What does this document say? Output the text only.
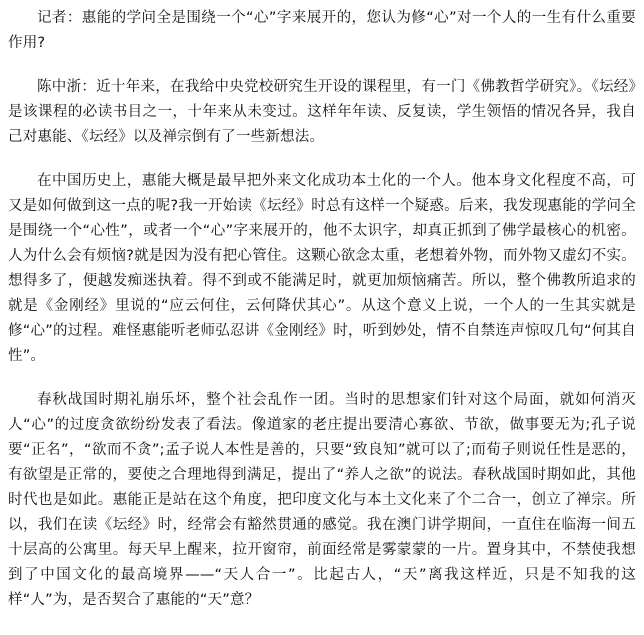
记者：惠能的学问全是围绕一个“心”字来展开的，您认为修“心”对一个人的一生有什么重要作用?

陈中浙：近十年来，在我给中央党校研究生开设的课程里，有一门《佛教哲学研究》。《坛经》是该课程的必读书目之一，十年来从未变过。这样年年读、反复读，学生领悟的情况各异，我自己对惠能、《坛经》以及禅宗倒有了一些新想法。

在中国历史上，惠能大概是最早把外来文化成功本土化的一个人。他本身文化程度不高，可又是如何做到这一点的呢?我一开始读《坛经》时总有这样一个疑惑。后来，我发现惠能的学问全是围绕一个“心性”，或者一个“心”字来展开的，他不太识字，却真正抓到了佛学最核心的机密。人为什么会有烦恼?就是因为没有把心管住。这颗心欲念太重，老想着外物，而外物又虚幻不实。想得多了，便越发痴迷执着。得不到或不能满足时，就更加烦恼痛苦。所以，整个佛教所追求的就是《金刚经》里说的“应云何住，云何降伏其心”。从这个意义上说，一个人的一生其实就是修“心”的过程。难怪惠能听老师弘忍讲《金刚经》时，听到妙处，情不自禁连声惊叹几句“何其自性”。

春秋战国时期礼崩乐坏，整个社会乱作一团。当时的思想家们针对这个局面，就如何消灭人“心”的过度贪欲纷纷发表了看法。像道家的老庄提出要清心寡欲、节欲，做事要无为;孔子说要“正名”，“欲而不贪”;孟子说人本性是善的，只要“致良知”就可以了;而荀子则说任性是恶的，有欲望是正常的，要使之合理地得到满足，提出了“养人之欲”的说法。春秋战国时期如此，其他时代也是如此。惠能正是站在这个角度，把印度文化与本土文化来了个二合一，创立了禅宗。所以，我们在读《坛经》时，经常会有豁然贯通的感觉。我在澳门讲学期间，一直住在临海一间五十层高的公寓里。每天早上醒来，拉开窗帘，前面经常是雾蒙蒙的一片。置身其中，不禁使我想到了中国文化的最高境界——“天人合一”。比起古人，“天”离我这样近，只是不知我的这样“人”为，是否契合了惠能的“天”意？
